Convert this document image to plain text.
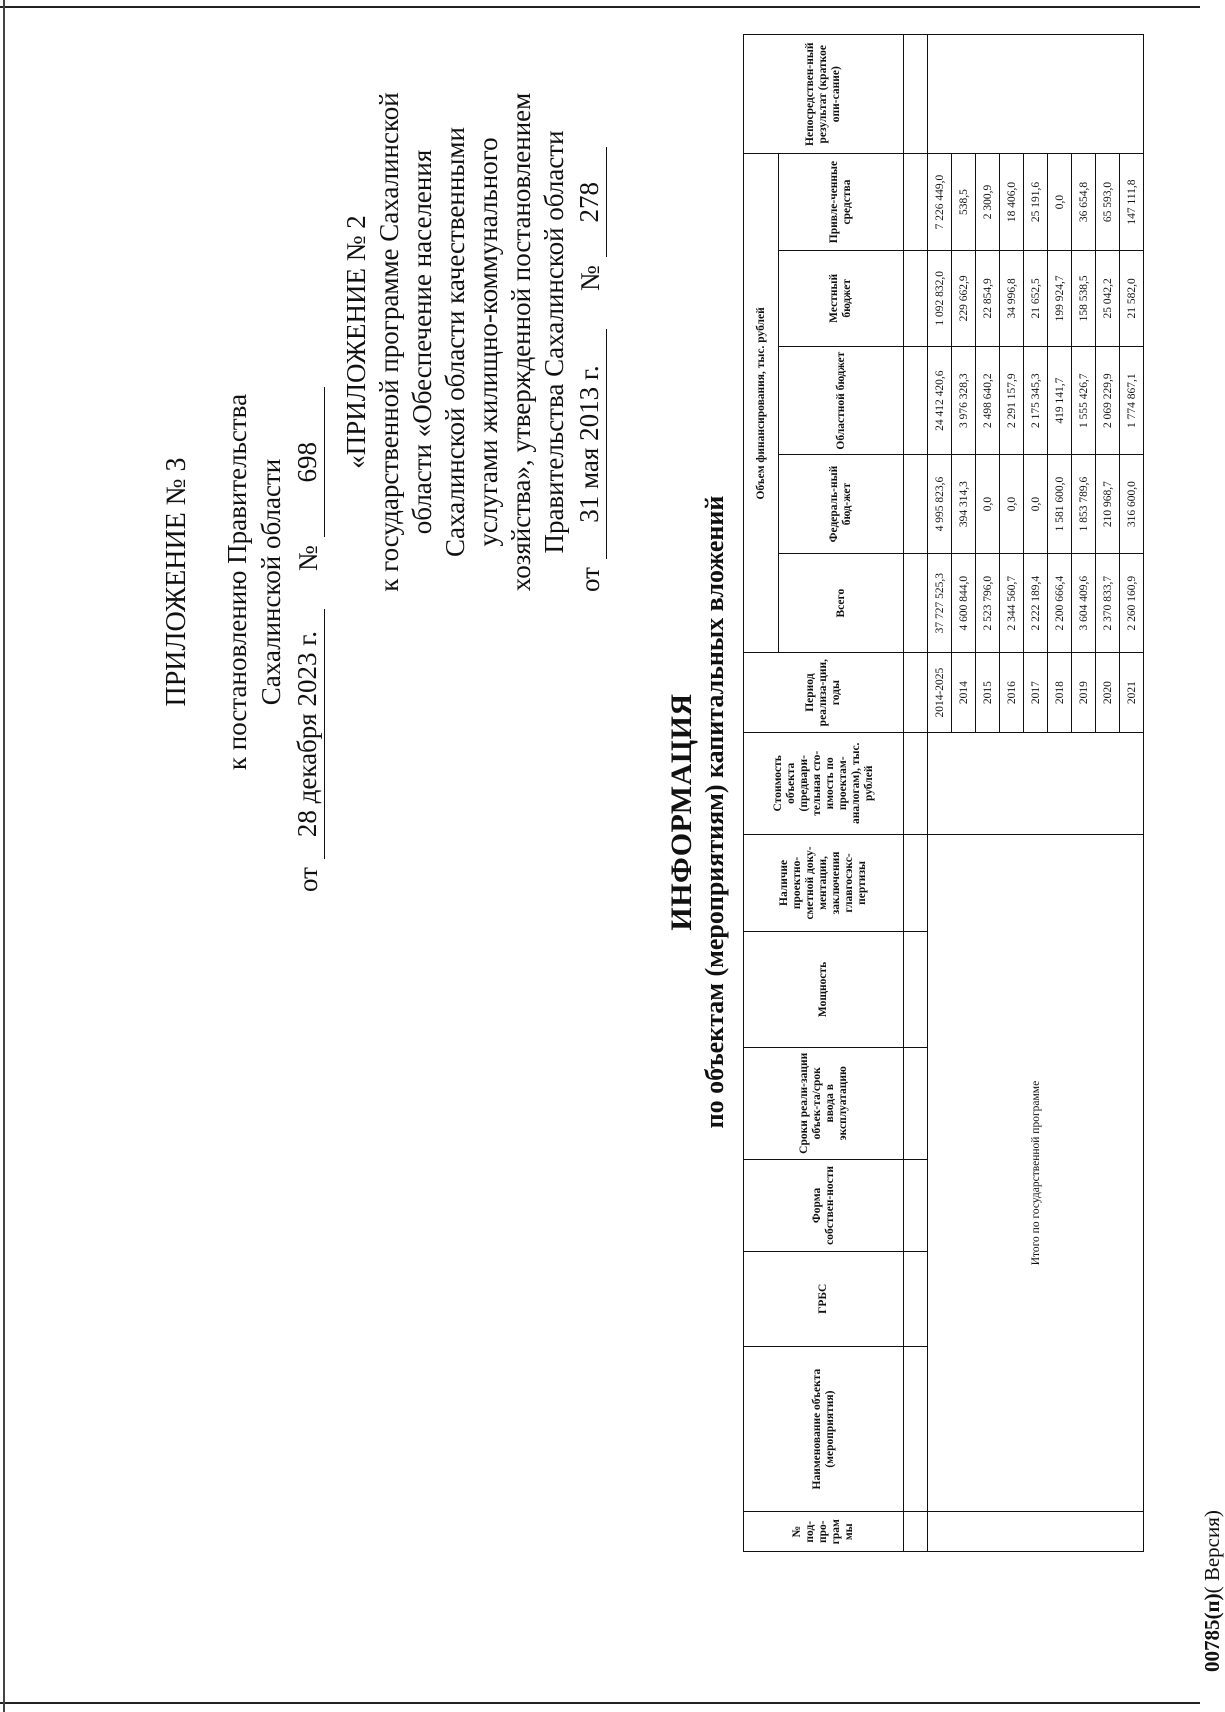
ПРИЛОЖЕНИЕ № 3 к постановлению Правительства Сахалинской области
от
28 декабря 2023 г.
№
698 «ПРИЛОЖЕНИЕ № 2 к государственной программе Сахалинской области «Обеспечение населения Сахалинской области качественными услугами жилищно-коммунального хозяйства», утвержденной постановлением Правительства Сахалинской области
от
31 мая 2013 г.
№
278
ИНФОРМАЦИЯ по объектам (мероприятиям) капитальных вложений
№ под-про-грам мы	Наименование объекта (мероприятия)	ГРБС	Форма собствен-ности	Сроки реали-зации объек-та/срок ввода в эксплуатацию	Мощность	Наличие проектно-сметной доку-ментации, заключения главгосэкс-пертизы	Стоимость объекта (предвари-тельная сто-имость по проектам-аналогам), тыс. рублей	Период реализа-ции, годы	Объем финансирования, тыс. рублей					Непосредствен-ный результат (краткое опи-сание)
									Всего	Федераль-ный бюд-жет	Областной бюджет	Местный бюджет	Привле-ченные средства	

	Итого по государственной программе							2014-2025	37 727 525,3	4 995 823,6	24 412 420,6	1 092 832,0	7 226 449,0	
								2014	4 600 844,0	394 314,3	3 976 328,3	229 662,9	538,5	
								2015	2 523 796,0	0,0	2 498 640,2	22 854,9	2 300,9	
								2016	2 344 560,7	0,0	2 291 157,9	34 996,8	18 406,0	
								2017	2 222 189,4	0,0	2 175 345,3	21 652,5	25 191,6	
								2018	2 200 666,4	1 581 600,0	419 141,7	199 924,7	0,0	
								2019	3 604 409,6	1 853 789,6	1 555 426,7	158 538,5	36 654,8	
								2020	2 370 833,7	210 968,7	2 069 229,9	25 042,2	65 593,0	
								2021	2 260 160,9	316 600,0	1 774 867,1	21 582,0	147 111,8	
00785(п)( Версия)
